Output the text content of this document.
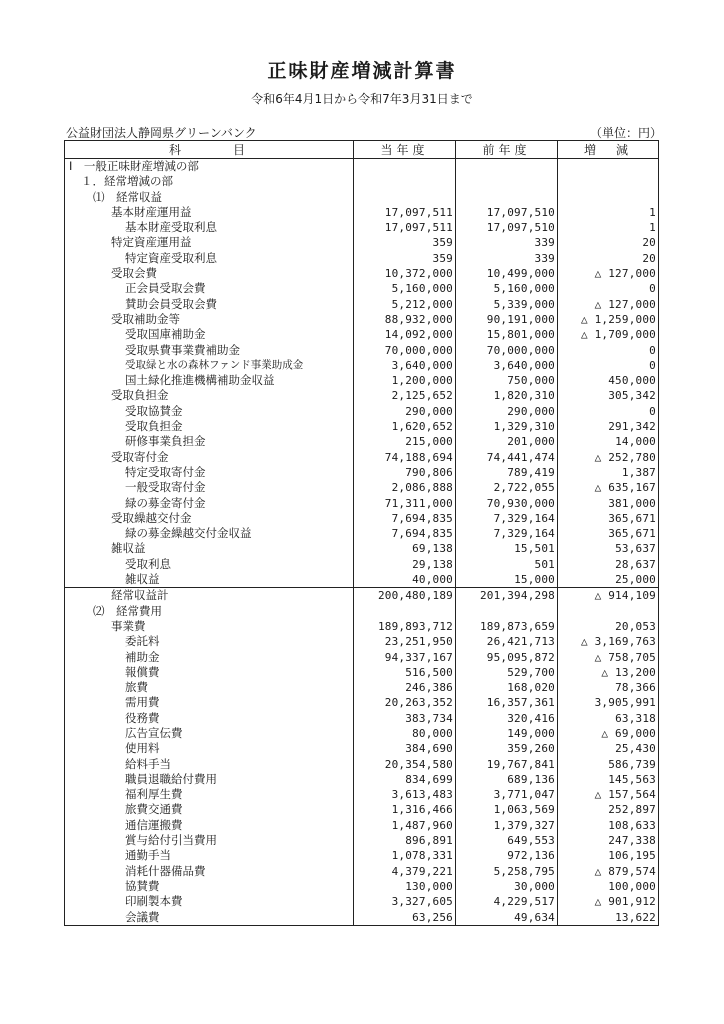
正味財産増減計算書
令和6年4月1日から令和7年3月31日まで
公益財団法人静岡県グリーンバンク	（単位：円）
科　　　目	当年度	前年度	増　減
Ⅰ　一般正味財産増減の部			
１．経常増減の部			
⑴　経常収益			
基本財産運用益	17,097,511	17,097,510	1
基本財産受取利息	17,097,511	17,097,510	1
特定資産運用益	359	339	20
特定資産受取利息	359	339	20
受取会費	10,372,000	10,499,000	△ 127,000
正会員受取会費	5,160,000	5,160,000	0
賛助会員受取会費	5,212,000	5,339,000	△ 127,000
受取補助金等	88,932,000	90,191,000	△ 1,259,000
受取国庫補助金	14,092,000	15,801,000	△ 1,709,000
受取県費事業費補助金	70,000,000	70,000,000	0
受取緑と水の森林ファンド事業助成金	3,640,000	3,640,000	0
国土緑化推進機構補助金収益	1,200,000	750,000	450,000
受取負担金	2,125,652	1,820,310	305,342
受取協賛金	290,000	290,000	0
受取負担金	1,620,652	1,329,310	291,342
研修事業負担金	215,000	201,000	14,000
受取寄付金	74,188,694	74,441,474	△ 252,780
特定受取寄付金	790,806	789,419	1,387
一般受取寄付金	2,086,888	2,722,055	△ 635,167
緑の募金寄付金	71,311,000	70,930,000	381,000
受取繰越交付金	7,694,835	7,329,164	365,671
緑の募金繰越交付金収益	7,694,835	7,329,164	365,671
雑収益	69,138	15,501	53,637
受取利息	29,138	501	28,637
雑収益	40,000	15,000	25,000
経常収益計	200,480,189	201,394,298	△ 914,109
⑵　経常費用			
事業費	189,893,712	189,873,659	20,053
委託料	23,251,950	26,421,713	△ 3,169,763
補助金	94,337,167	95,095,872	△ 758,705
報償費	516,500	529,700	△ 13,200
旅費	246,386	168,020	78,366
需用費	20,263,352	16,357,361	3,905,991
役務費	383,734	320,416	63,318
広告宣伝費	80,000	149,000	△ 69,000
使用料	384,690	359,260	25,430
給料手当	20,354,580	19,767,841	586,739
職員退職給付費用	834,699	689,136	145,563
福利厚生費	3,613,483	3,771,047	△ 157,564
旅費交通費	1,316,466	1,063,569	252,897
通信運搬費	1,487,960	1,379,327	108,633
賞与給付引当費用	896,891	649,553	247,338
通勤手当	1,078,331	972,136	106,195
消耗什器備品費	4,379,221	5,258,795	△ 879,574
協賛費	130,000	30,000	100,000
印刷製本費	3,327,605	4,229,517	△ 901,912
会議費	63,256	49,634	13,622
